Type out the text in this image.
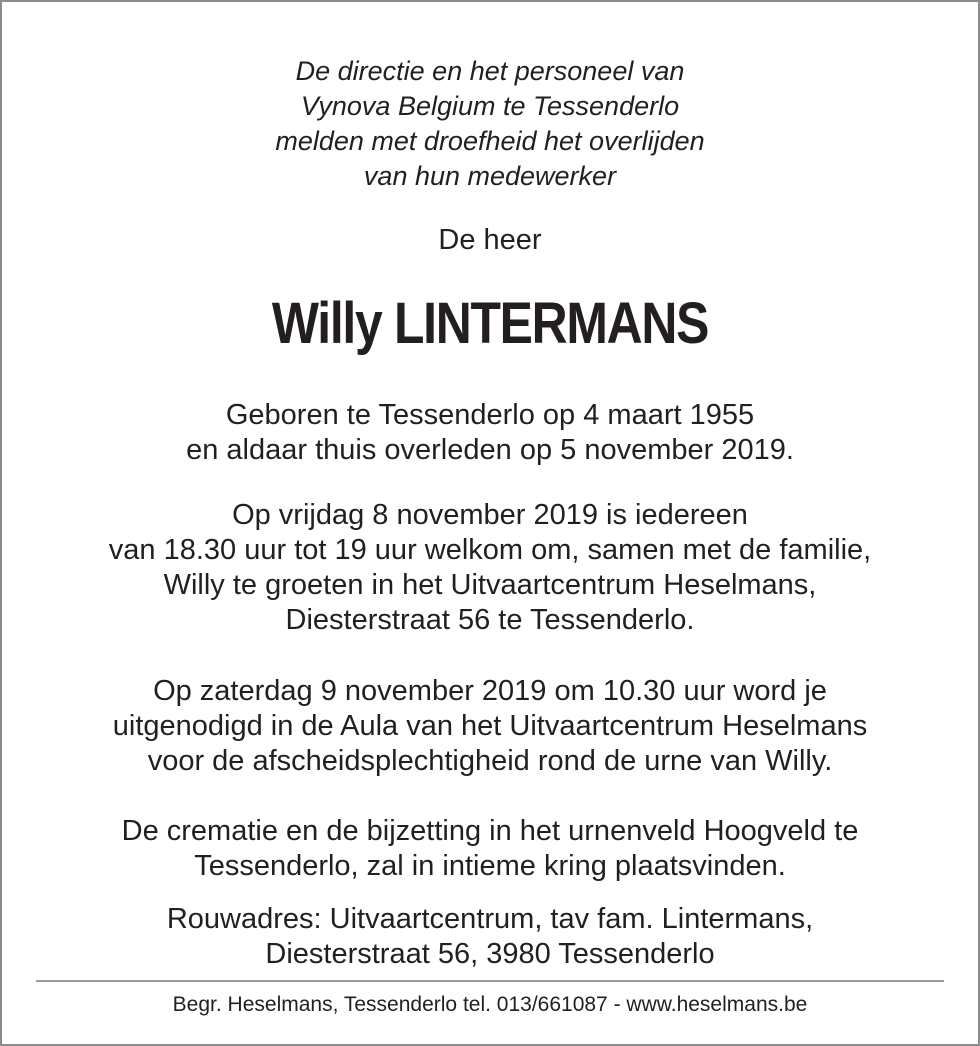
De directie en het personeel van
Vynova Belgium te Tessenderlo
melden met droefheid het overlijden
van hun medewerker
De heer
Willy LINTERMANS
Geboren te Tessenderlo op 4 maart 1955
en aldaar thuis overleden op 5 november 2019.
Op vrijdag 8 november 2019 is iedereen
van 18.30 uur tot 19 uur welkom om, samen met de familie,
Willy te groeten in het Uitvaartcentrum Heselmans,
Diesterstraat 56 te Tessenderlo.
Op zaterdag 9 november 2019 om 10.30 uur word je
uitgenodigd in de Aula van het Uitvaartcentrum Heselmans
voor de afscheidsplechtigheid rond de urne van Willy.
De crematie en de bijzetting in het urnenveld Hoogveld te
Tessenderlo, zal in intieme kring plaatsvinden.
Rouwadres: Uitvaartcentrum, tav fam. Lintermans,
Diesterstraat 56, 3980 Tessenderlo
Begr. Heselmans, Tessenderlo tel. 013/661087 - www.heselmans.be
